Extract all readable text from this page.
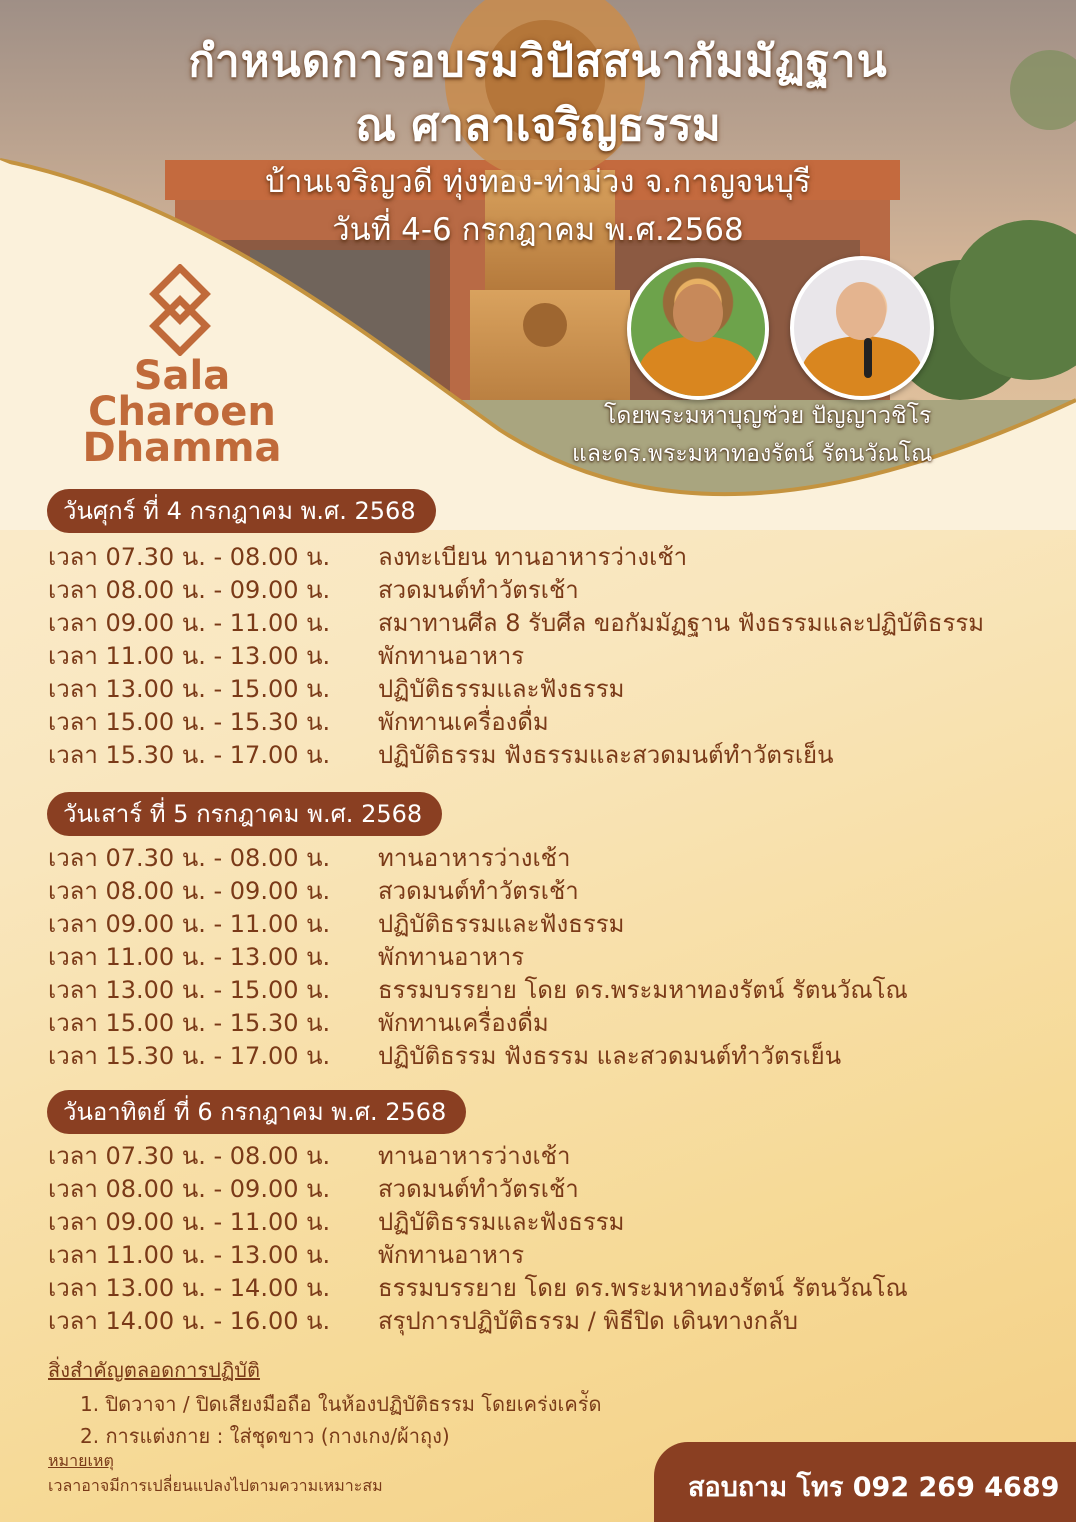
กำหนดการอบรมวิปัสสนากัมมัฏฐาน
ณ ศาลาเจริญธรรม
บ้านเจริญวดี ทุ่งทอง-ท่าม่วง จ.กาญจนบุรี
วันที่ 4-6 กรกฎาคม พ.ศ.2568
โดยพระมหาบุญช่วย ปัญญาวชิโร
และดร.พระมหาทองรัตน์ รัตนวัณโณ
Sala
Charoen
Dhamma
วันศุกร์ ที่ 4 กรกฎาคม พ.ศ. 2568
เวลา 07.30 น. - 08.00 น. ลงทะเบียน ทานอาหารว่างเช้า
เวลา 08.00 น. - 09.00 น. สวดมนต์ทำวัตรเช้า
เวลา 09.00 น. - 11.00 น. สมาทานศีล 8 รับศีล ขอกัมมัฏฐาน ฟังธรรมและปฏิบัติธรรม
เวลา 11.00 น. - 13.00 น. พักทานอาหาร
เวลา 13.00 น. - 15.00 น. ปฏิบัติธรรมและฟังธรรม
เวลา 15.00 น. - 15.30 น. พักทานเครื่องดื่ม
เวลา 15.30 น. - 17.00 น. ปฏิบัติธรรม ฟังธรรมและสวดมนต์ทำวัตรเย็น
วันเสาร์ ที่ 5 กรกฎาคม พ.ศ. 2568
เวลา 07.30 น. - 08.00 น. ทานอาหารว่างเช้า
เวลา 08.00 น. - 09.00 น. สวดมนต์ทำวัตรเช้า
เวลา 09.00 น. - 11.00 น. ปฏิบัติธรรมและฟังธรรม
เวลา 11.00 น. - 13.00 น. พักทานอาหาร
เวลา 13.00 น. - 15.00 น. ธรรมบรรยาย โดย ดร.พระมหาทองรัตน์ รัตนวัณโณ
เวลา 15.00 น. - 15.30 น. พักทานเครื่องดื่ม
เวลา 15.30 น. - 17.00 น. ปฏิบัติธรรม ฟังธรรม และสวดมนต์ทำวัตรเย็น
วันอาทิตย์ ที่ 6 กรกฎาคม พ.ศ. 2568
เวลา 07.30 น. - 08.00 น. ทานอาหารว่างเช้า
เวลา 08.00 น. - 09.00 น. สวดมนต์ทำวัตรเช้า
เวลา 09.00 น. - 11.00 น. ปฏิบัติธรรมและฟังธรรม
เวลา 11.00 น. - 13.00 น. พักทานอาหาร
เวลา 13.00 น. - 14.00 น. ธรรมบรรยาย โดย ดร.พระมหาทองรัตน์ รัตนวัณโณ
เวลา 14.00 น. - 16.00 น. สรุปการปฏิบัติธรรม / พิธีปิด เดินทางกลับ
สิ่งสำคัญตลอดการปฏิบัติ
1. ปิดวาจา / ปิดเสียงมือถือ ในห้องปฏิบัติธรรม โดยเคร่งเคร่ัด
2. การแต่งกาย : ใส่ชุดขาว (กางเกง/ผ้าถุง)
หมายเหตุ
เวลาอาจมีการเปลี่ยนแปลงไปตามความเหมาะสม	สอบถาม โทร 092 269 4689
